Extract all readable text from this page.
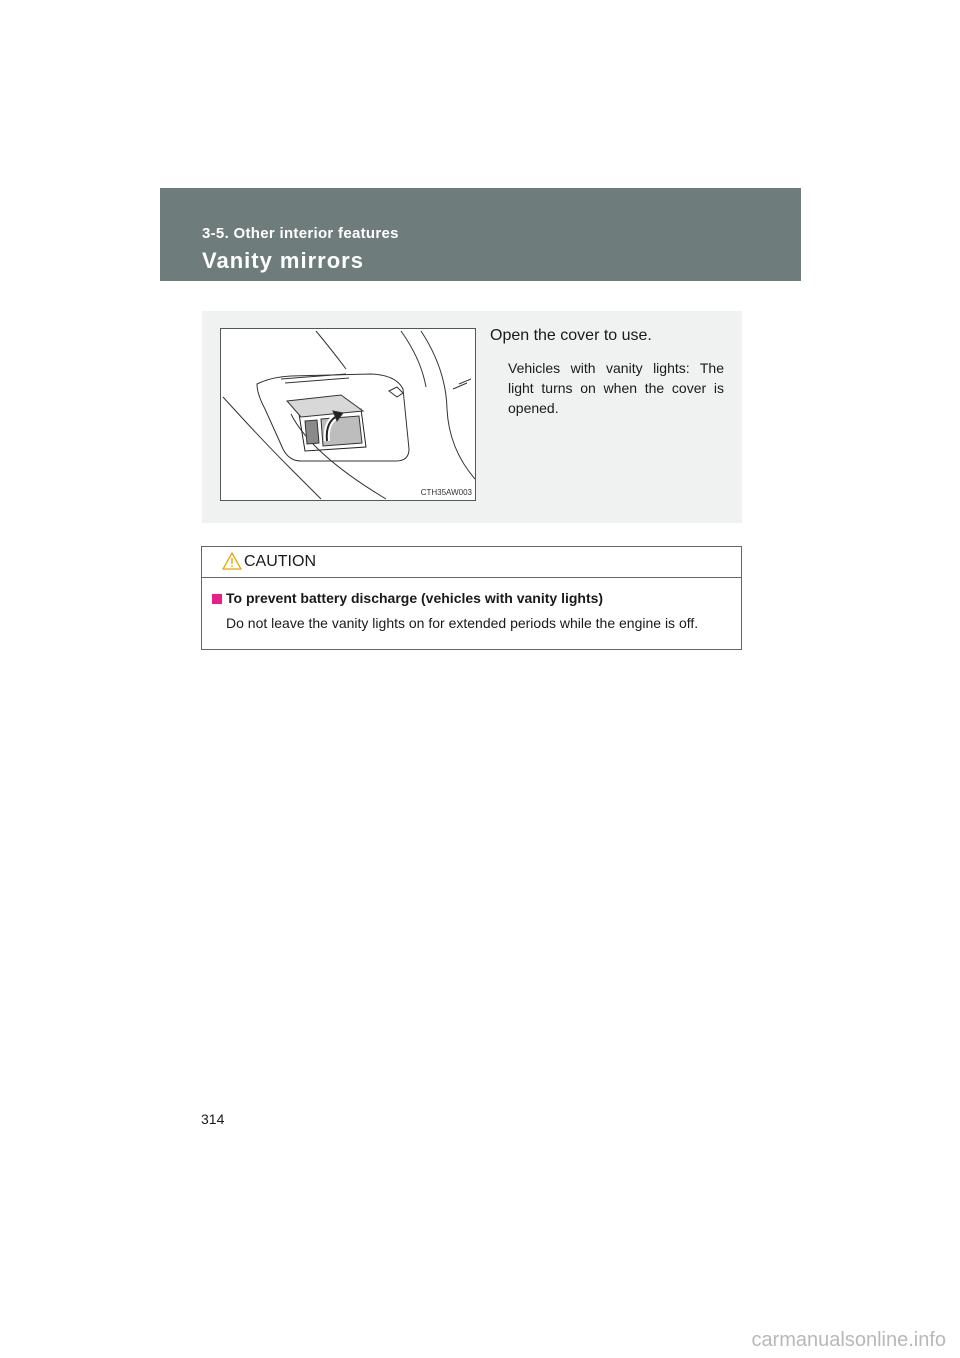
3-5. Other interior features
Vanity mirrors
CTH35AW003
Open the cover to use.
Vehicles with vanity lights: The light turns on when the cover is opened.
CAUTION
To prevent battery discharge (vehicles with vanity lights)
Do not leave the vanity lights on for extended periods while the engine is off.
314
carmanualsonline.info
